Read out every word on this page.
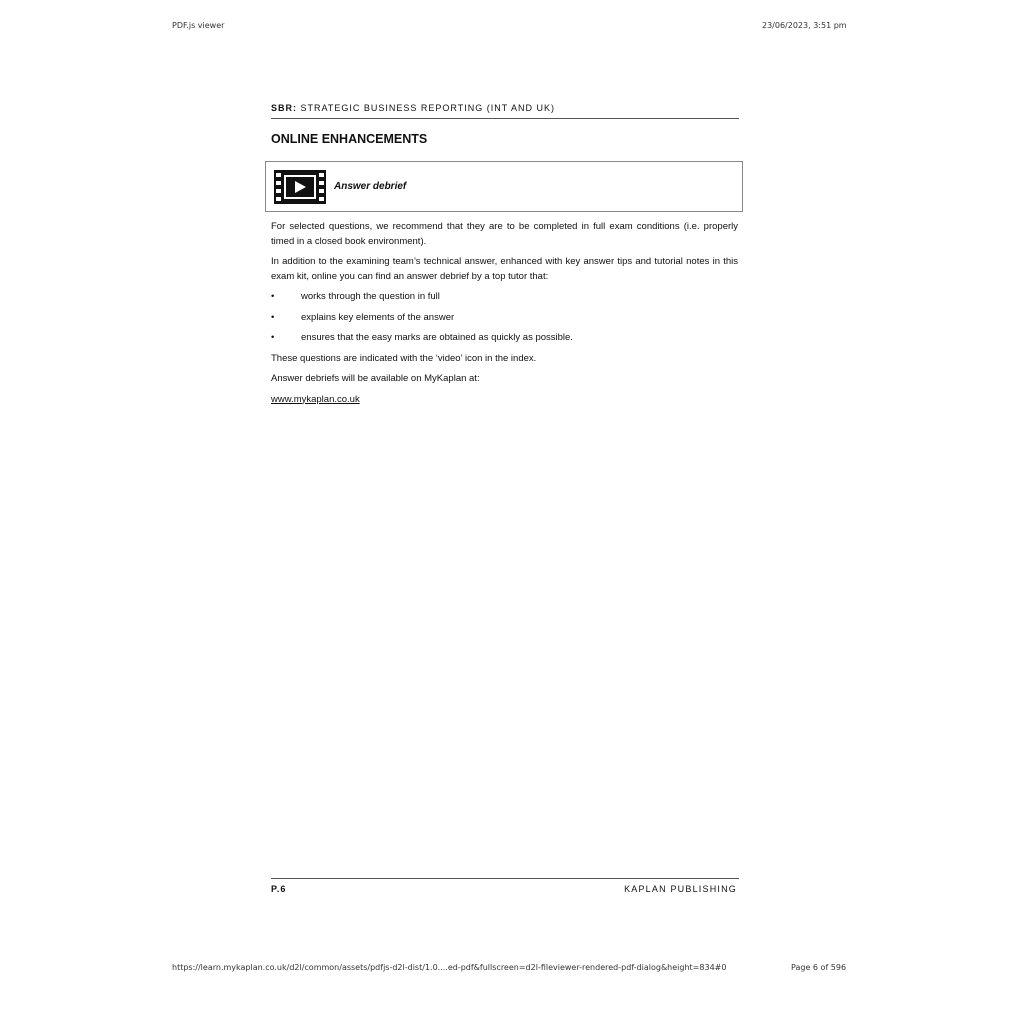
PDF.js viewer	23/06/2023, 3:51 pm
SBR: STRATEGIC BUSINESS REPORTING (INT AND UK)
ONLINE ENHANCEMENTS
Answer debrief

For selected questions, we recommend that they are to be completed in full exam conditions (i.e. properly timed in a closed book environment).

In addition to the examining team’s technical answer, enhanced with key answer tips and tutorial notes in this exam kit, online you can find an answer debrief by a top tutor that:

•	works through the question in full
•	explains key elements of the answer
•	ensures that the easy marks are obtained as quickly as possible.

These questions are indicated with the ‘video’ icon in the index.

Answer debriefs will be available on MyKaplan at:

www.mykaplan.co.uk

P.6	KAPLAN PUBLISHING
https://learn.mykaplan.co.uk/d2l/common/assets/pdfjs-d2l-dist/1.0....ed-pdf&fullscreen=d2l-fileviewer-rendered-pdf-dialog&height=834#0	Page 6 of 596
